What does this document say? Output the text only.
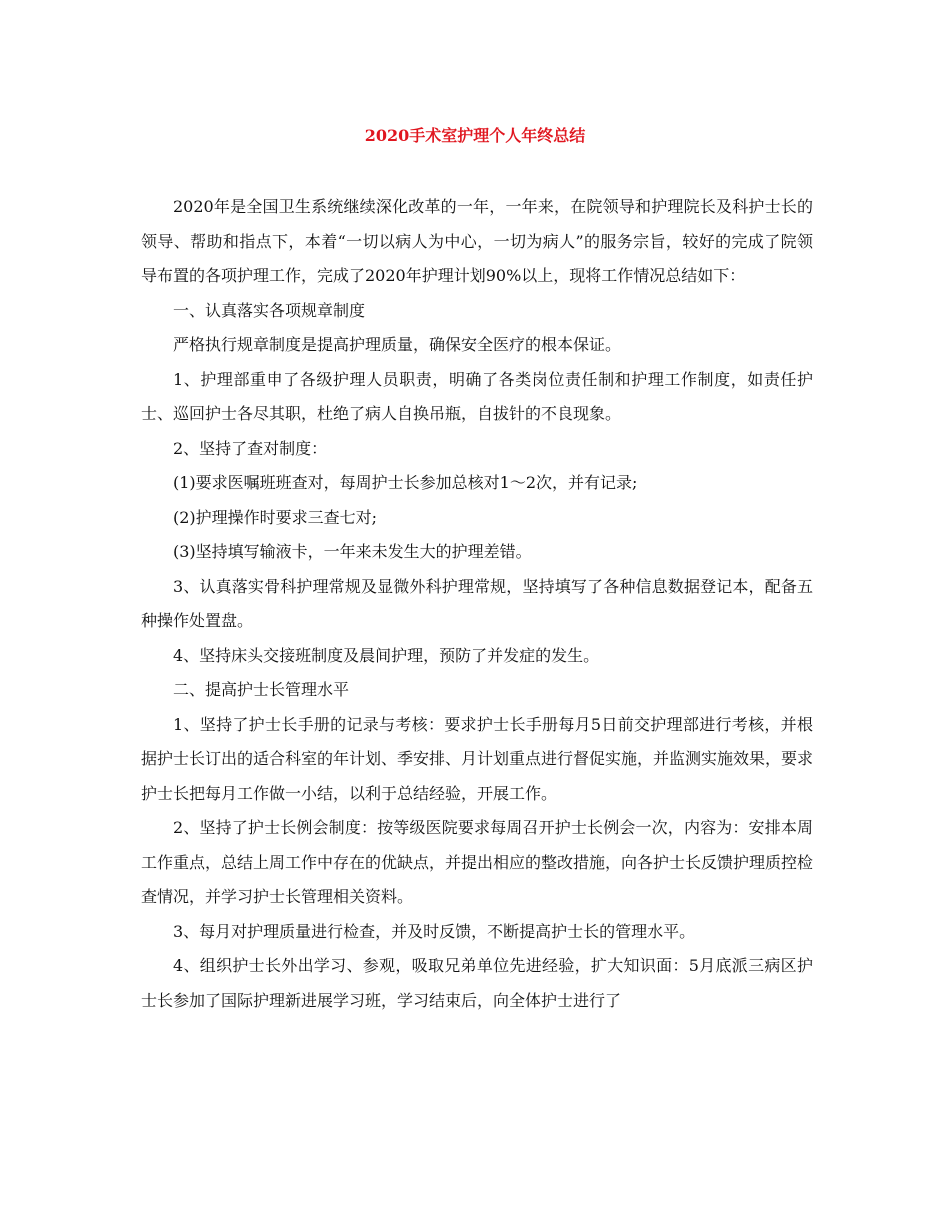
2020手术室护理个人年终总结

2020年是全国卫生系统继续深化改革的一年，一年来，在院领导和护理院长及科护士长的领导、帮助和指点下，本着“一切以病人为中心，一切为病人”的服务宗旨，较好的完成了院领导布置的各项护理工作，完成了2020年护理计划90%以上，现将工作情况总结如下：

一、认真落实各项规章制度

严格执行规章制度是提高护理质量，确保安全医疗的根本保证。

1、护理部重申了各级护理人员职责，明确了各类岗位责任制和护理工作制度，如责任护士、巡回护士各尽其职，杜绝了病人自换吊瓶，自拔针的不良现象。

2、坚持了查对制度：

(1)要求医嘱班班查对，每周护士长参加总核对1～2次，并有记录;

(2)护理操作时要求三查七对;

(3)坚持填写输液卡，一年来未发生大的护理差错。

3、认真落实骨科护理常规及显微外科护理常规，坚持填写了各种信息数据登记本，配备五种操作处置盘。

4、坚持床头交接班制度及晨间护理，预防了并发症的发生。

二、提高护士长管理水平

1、坚持了护士长手册的记录与考核：要求护士长手册每月5日前交护理部进行考核，并根据护士长订出的适合科室的年计划、季安排、月计划重点进行督促实施，并监测实施效果，要求护士长把每月工作做一小结，以利于总结经验，开展工作。

2、坚持了护士长例会制度：按等级医院要求每周召开护士长例会一次，内容为：安排本周工作重点，总结上周工作中存在的优缺点，并提出相应的整改措施，向各护士长反馈护理质控检查情况，并学习护士长管理相关资料。

3、每月对护理质量进行检查，并及时反馈，不断提高护士长的管理水平。

4、组织护士长外出学习、参观，吸取兄弟单位先进经验，扩大知识面：5月底派三病区护士长参加了国际护理新进展学习班，学习结束后，向全体护士进行了
